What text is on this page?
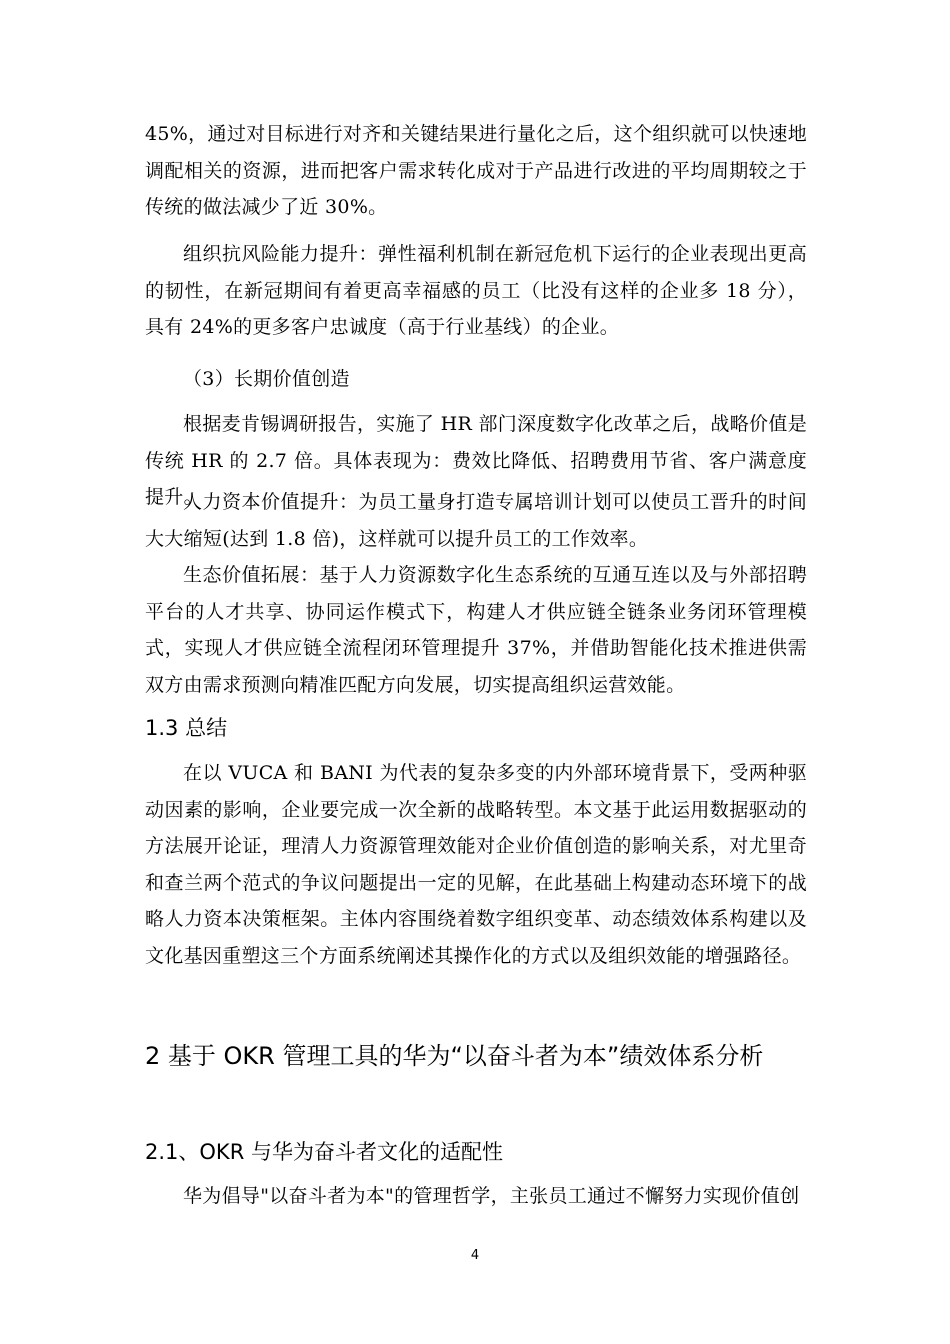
45%，通过对目标进行对齐和关键结果进行量化之后，这个组织就可以快速地调配相关的资源，进而把客户需求转化成对于产品进行改进的平均周期较之于传统的做法减少了近 30%。

组织抗风险能力提升：弹性福利机制在新冠危机下运行的企业表现出更高的韧性，在新冠期间有着更高幸福感的员工（比没有这样的企业多 18 分），具有 24%的更多客户忠诚度（高于行业基线）的企业。

（3）长期价值创造

根据麦肯锡调研报告，实施了 HR 部门深度数字化改革之后，战略价值是传统 HR 的 2.7 倍。具体表现为：费效比降低、招聘费用节省、客户满意度提升。

人力资本价值提升：为员工量身打造专属培训计划可以使员工晋升的时间大大缩短(达到 1.8 倍)，这样就可以提升员工的工作效率。

生态价值拓展：基于人力资源数字化生态系统的互通互连以及与外部招聘平台的人才共享、协同运作模式下，构建人才供应链全链条业务闭环管理模式，实现人才供应链全流程闭环管理提升 37%，并借助智能化技术推进供需双方由需求预测向精准匹配方向发展，切实提高组织运营效能。

1.3 总结

在以 VUCA 和 BANI 为代表的复杂多变的内外部环境背景下，受两种驱动因素的影响，企业要完成一次全新的战略转型。本文基于此运用数据驱动的方法展开论证，理清人力资源管理效能对企业价值创造的影响关系，对尤里奇和查兰两个范式的争议问题提出一定的见解，在此基础上构建动态环境下的战略人力资本决策框架。主体内容围绕着数字组织变革、动态绩效体系构建以及文化基因重塑这三个方面系统阐述其操作化的方式以及组织效能的增强路径。

2 基于 OKR 管理工具的华为“以奋斗者为本”绩效体系分析
2.1、OKR 与华为奋斗者文化的适配性

华为倡导"以奋斗者为本"的管理哲学，主张员工通过不懈努力实现价值创

4
